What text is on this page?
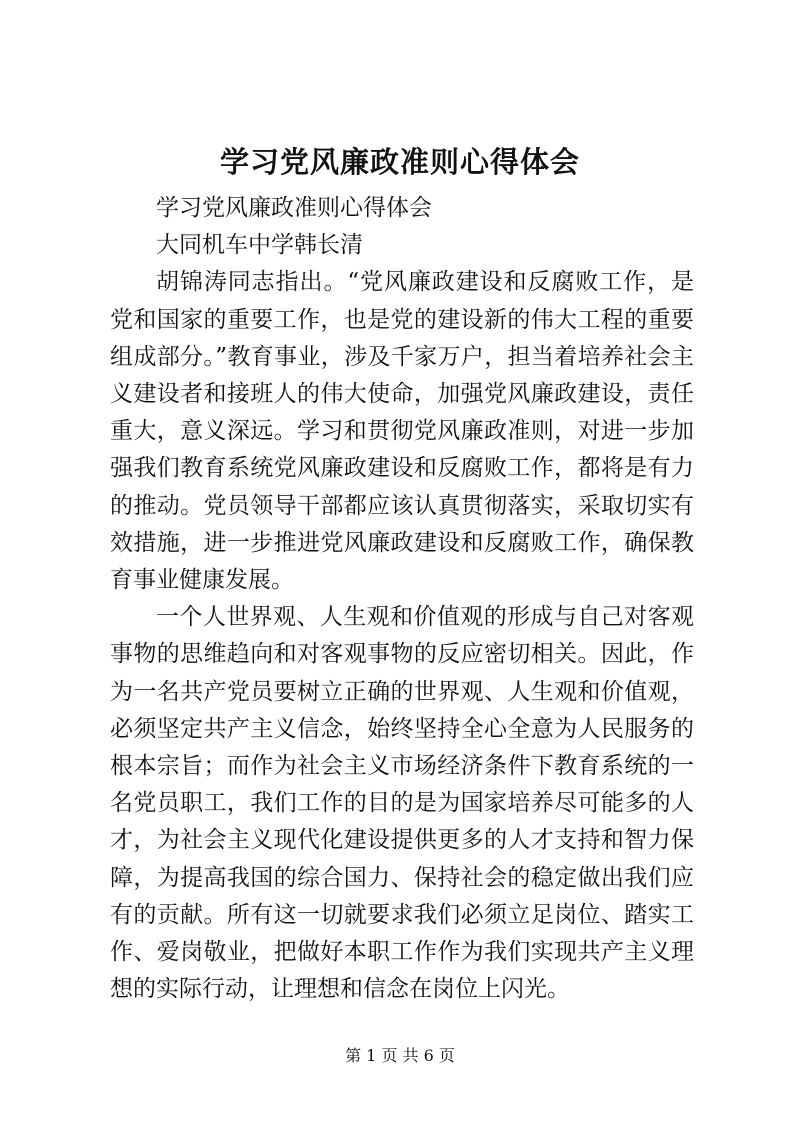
学习党风廉政准则心得体会

学习党风廉政准则心得体会

大同机车中学韩长清

胡锦涛同志指出。“党风廉政建设和反腐败工作，是党和国家的重要工作，也是党的建设新的伟大工程的重要组成部分。”教育事业，涉及千家万户，担当着培养社会主义建设者和接班人的伟大使命，加强党风廉政建设，责任重大，意义深远。学习和贯彻党风廉政准则，对进一步加强我们教育系统党风廉政建设和反腐败工作，都将是有力的推动。党员领导干部都应该认真贯彻落实，采取切实有效措施，进一步推进党风廉政建设和反腐败工作，确保教育事业健康发展。

一个人世界观、人生观和价值观的形成与自己对客观事物的思维趋向和对客观事物的反应密切相关。因此，作为一名共产党员要树立正确的世界观、人生观和价值观，必须坚定共产主义信念，始终坚持全心全意为人民服务的根本宗旨；而作为社会主义市场经济条件下教育系统的一名党员职工，我们工作的目的是为国家培养尽可能多的人才，为社会主义现代化建设提供更多的人才支持和智力保障，为提高我国的综合国力、保持社会的稳定做出我们应有的贡献。所有这一切就要求我们必须立足岗位、踏实工作、爱岗敬业，把做好本职工作作为我们实现共产主义理想的实际行动，让理想和信念在岗位上闪光。

第 1 页 共 6 页
